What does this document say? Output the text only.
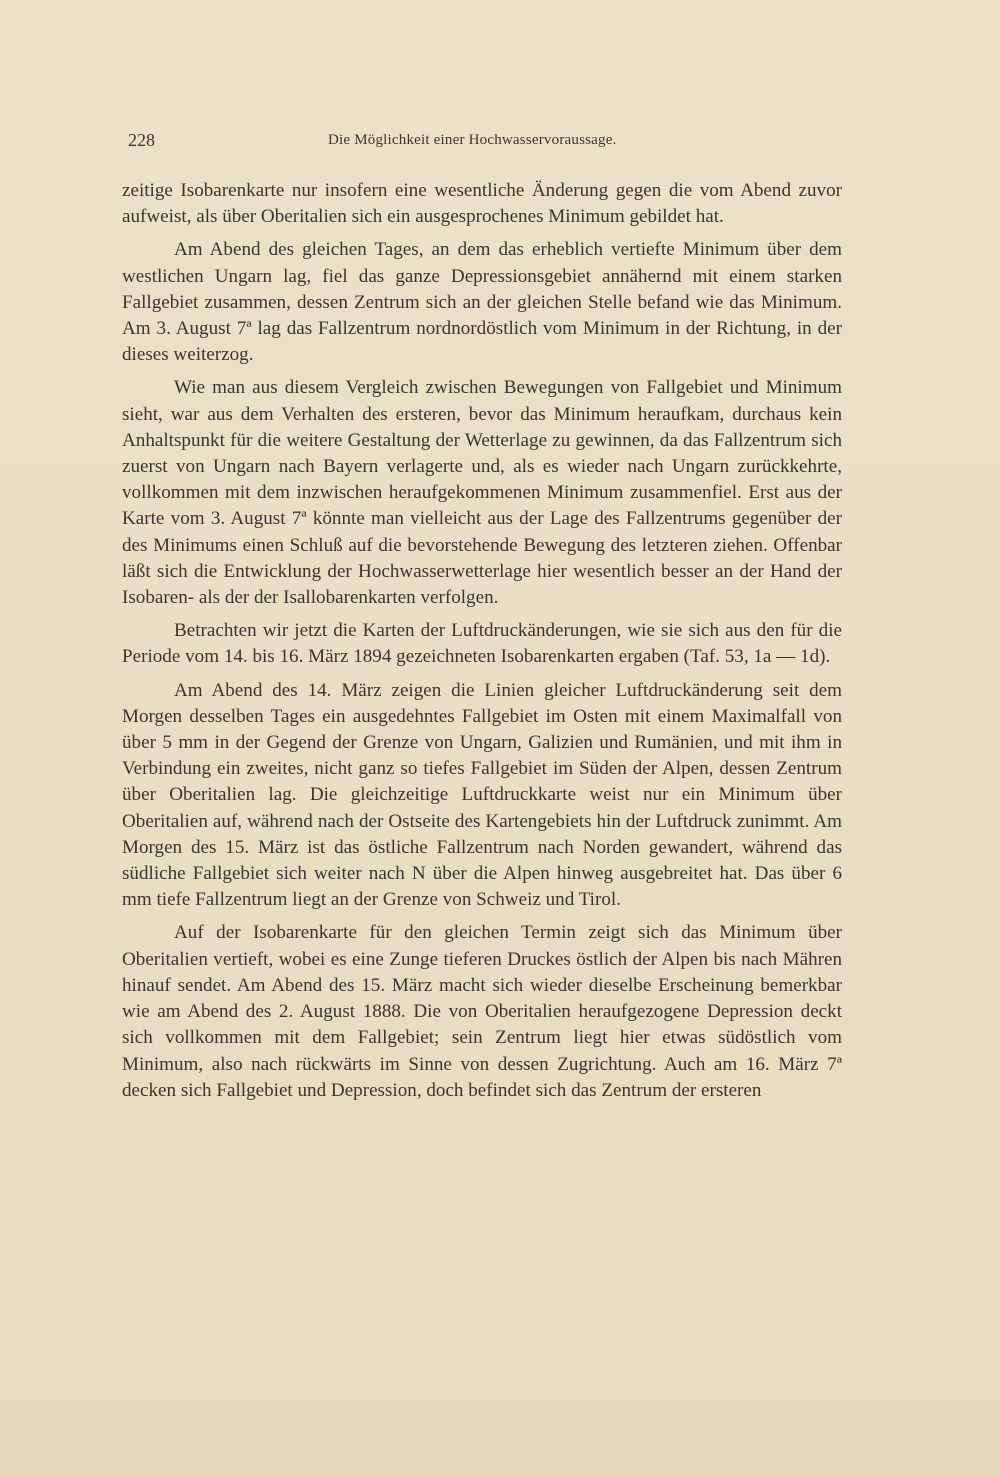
228	Die Möglichkeit einer Hochwasservoraussage.

zeitige Isobarenkarte nur insofern eine wesentliche Änderung gegen die vom Abend zuvor aufweist, als über Oberitalien sich ein ausgesprochenes Minimum gebildet hat.

Am Abend des gleichen Tages, an dem das erheblich vertiefte Minimum über dem westlichen Ungarn lag, fiel das ganze Depressionsgebiet annähernd mit einem starken Fallgebiet zusammen, dessen Zentrum sich an der gleichen Stelle befand wie das Minimum. Am 3. August 7ª lag das Fallzentrum nordnordöstlich vom Minimum in der Richtung, in der dieses weiterzog.

Wie man aus diesem Vergleich zwischen Bewegungen von Fallgebiet und Minimum sieht, war aus dem Verhalten des ersteren, bevor das Minimum heraufkam, durchaus kein Anhaltspunkt für die weitere Gestaltung der Wetterlage zu gewinnen, da das Fallzentrum sich zuerst von Ungarn nach Bayern verlagerte und, als es wieder nach Ungarn zurückkehrte, vollkommen mit dem inzwischen heraufgekommenen Minimum zusammenfiel. Erst aus der Karte vom 3. August 7ª könnte man vielleicht aus der Lage des Fallzentrums gegenüber der des Minimums einen Schluß auf die bevorstehende Bewegung des letzteren ziehen. Offenbar läßt sich die Entwicklung der Hochwasserwetterlage hier wesentlich besser an der Hand der Isobaren- als der der Isallobarenkarten verfolgen.

Betrachten wir jetzt die Karten der Luftdruckänderungen, wie sie sich aus den für die Periode vom 14. bis 16. März 1894 gezeichneten Isobarenkarten ergaben (Taf. 53, 1a — 1d).

Am Abend des 14. März zeigen die Linien gleicher Luftdruckänderung seit dem Morgen desselben Tages ein ausgedehntes Fallgebiet im Osten mit einem Maximalfall von über 5 mm in der Gegend der Grenze von Ungarn, Galizien und Rumänien, und mit ihm in Verbindung ein zweites, nicht ganz so tiefes Fallgebiet im Süden der Alpen, dessen Zentrum über Oberitalien lag. Die gleichzeitige Luftdruckkarte weist nur ein Minimum über Oberitalien auf, während nach der Ostseite des Kartengebiets hin der Luftdruck zunimmt. Am Morgen des 15. März ist das östliche Fallzentrum nach Norden gewandert, während das südliche Fallgebiet sich weiter nach N über die Alpen hinweg ausgebreitet hat. Das über 6 mm tiefe Fallzentrum liegt an der Grenze von Schweiz und Tirol.

Auf der Isobarenkarte für den gleichen Termin zeigt sich das Minimum über Oberitalien vertieft, wobei es eine Zunge tieferen Druckes östlich der Alpen bis nach Mähren hinauf sendet. Am Abend des 15. März macht sich wieder dieselbe Erscheinung bemerkbar wie am Abend des 2. August 1888. Die von Oberitalien heraufgezogene Depression deckt sich vollkommen mit dem Fallgebiet; sein Zentrum liegt hier etwas südöstlich vom Minimum, also nach rückwärts im Sinne von dessen Zugrichtung. Auch am 16. März 7ª decken sich Fallgebiet und Depression, doch befindet sich das Zentrum der ersteren
